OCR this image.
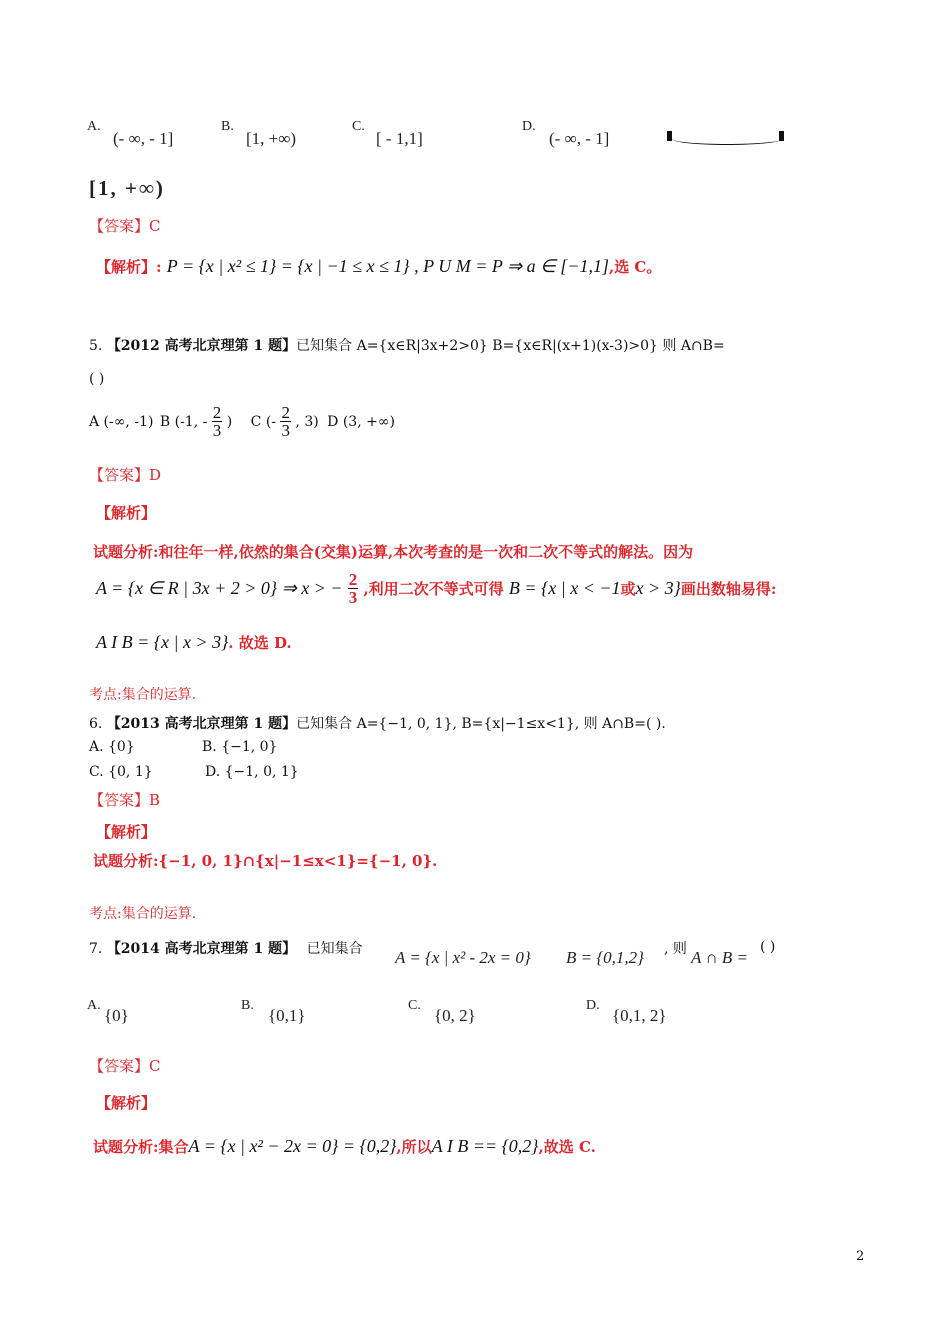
A.
(- ∞, - 1]
B.
[1, +∞)
C.
[ - 1,1]
D.
(- ∞, - 1]
[1, +∞)
【答案】C
【解析】: P = {x | x² ≤ 1} = {x | −1 ≤ x ≤ 1} , P U M = P ⇒ a ∈ [−1,1],选 C。
5. 【2012 高考北京理第 1 题】已知集合 A={x∈R|3x+2>0} B={x∈R|(x+1)(x-3)>0} 则 A∩B=
( )
A (-∞, -1) B (-1, - $\frac{2}{3}$ ) C (- $\frac{2}{3}$ , 3) D (3, +∞)
【答案】D
【解析】
试题分析:和往年一样,依然的集合(交集)运算,本次考查的是一次和二次不等式的解法。因为
A = {x ∈ R | 3x + 2 > 0} ⇒ x > − $\frac{2}{3}$ ,利用二次不等式可得 B = {x | x < −1或x > 3}画出数轴易得:
A I B = {x | x > 3}. 故选 D.
考点:集合的运算.
6. 【2013 高考北京理第 1 题】已知集合 A={−1, 0, 1}, B={x|−1≤x<1}, 则 A∩B=( ).
A. {0}	B. {−1, 0}
C. {0, 1}	D. {−1, 0, 1}
【答案】B
【解析】
试题分析:{−1, 0, 1}∩{x|−1≤x<1}={−1, 0}.
考点:集合的运算.
7. 【2014 高考北京理第 1 题】 已知集合 A = {x | x² - 2x = 0} B = {0,1,2} , 则 A ∩ B =
( )
A.
{0}
B.
{0,1}
C.
{0, 2}
D.
{0,1, 2}
【答案】C
【解析】
试题分析:集合A = {x | x² − 2x = 0} = {0,2},所以A I B == {0,2},故选 C.
2
